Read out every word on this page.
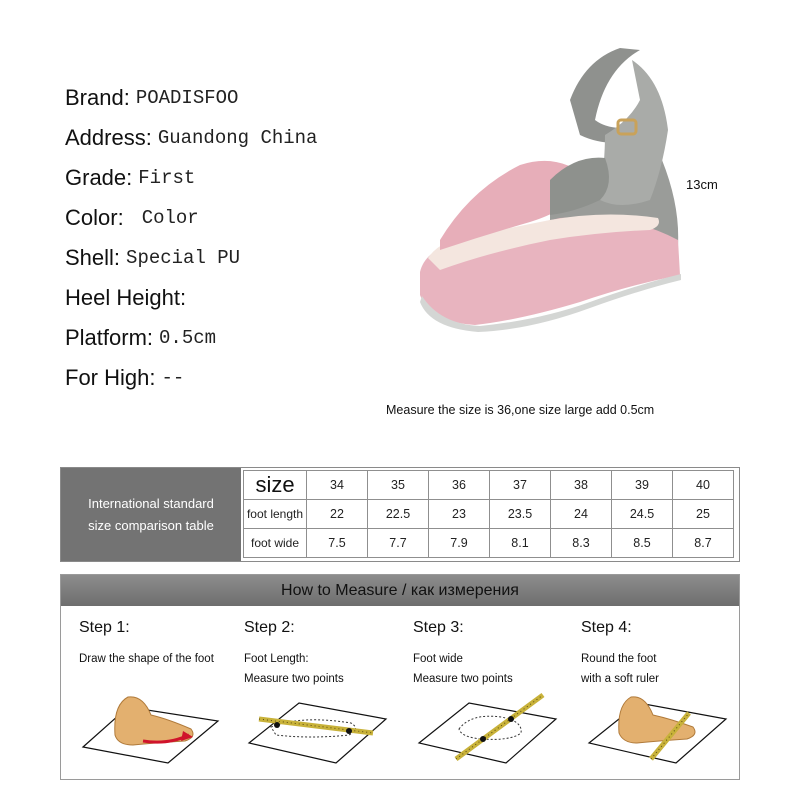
Brand: POADISFOO
Address: Guandong China
Grade: First
Color: Color
Shell: Special PU
Heel Height:
Platform: 0.5cm
For High: --
13cm
Measure the size is 36,one size large add 0.5cm
International standard
size comparison table
size	34	35	36	37	38	39	40
foot length	22	22.5	23	23.5	24	24.5	25
foot wide	7.5	7.7	7.9	8.1	8.3	8.5	8.7
How to Measure / как измерения
Step 1:
Draw the shape of the foot
Step 2:
Foot Length:
Measure two points
Step 3:
Foot wide
Measure two points
Step 4:
Round the foot
with a soft ruler
